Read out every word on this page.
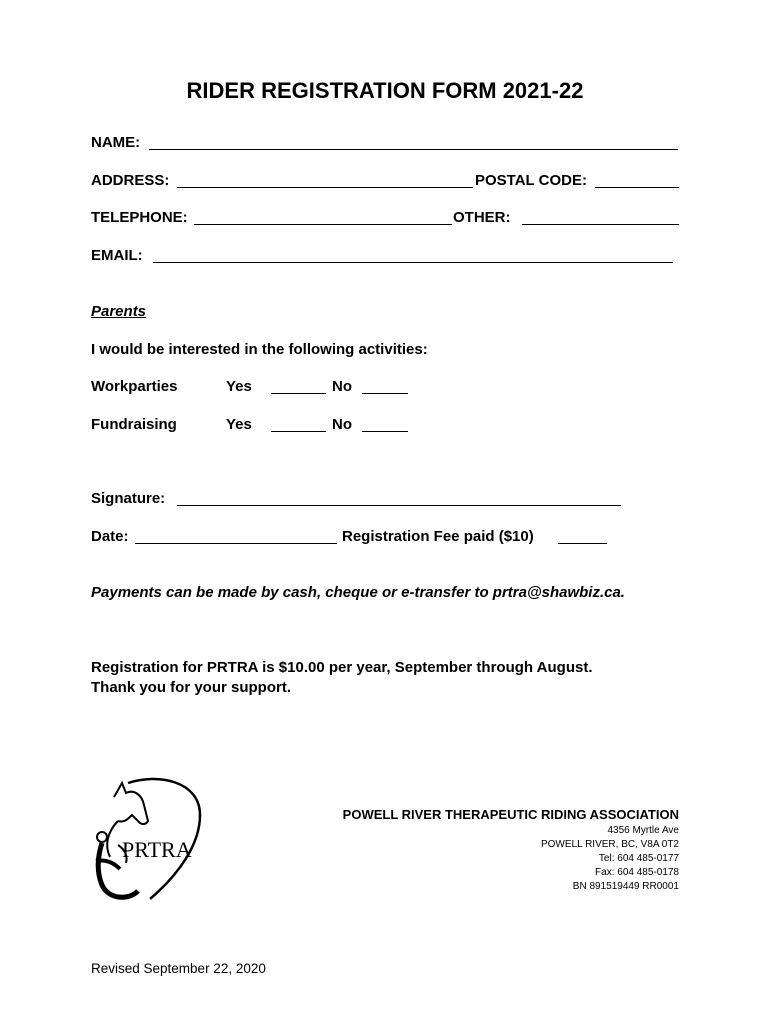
RIDER REGISTRATION FORM 2021-22
NAME:
ADDRESS:	POSTAL CODE:
TELEPHONE:	OTHER:
EMAIL:
Parents
I would be interested in the following activities:
Workparties	Yes	No
Fundraising	Yes	No
Signature:
Date:	Registration Fee paid ($10)
Payments can be made by cash, cheque or e-transfer to prtra@shawbiz.ca.
Registration for PRTRA is $10.00 per year, September through August.
Thank you for your support.
PRTRA
POWELL RIVER THERAPEUTIC RIDING ASSOCIATION
4356 Myrtle Ave
POWELL RIVER, BC, V8A 0T2
Tel: 604 485-0177
Fax: 604 485-0178
BN 891519449 RR0001
Revised September 22, 2020
